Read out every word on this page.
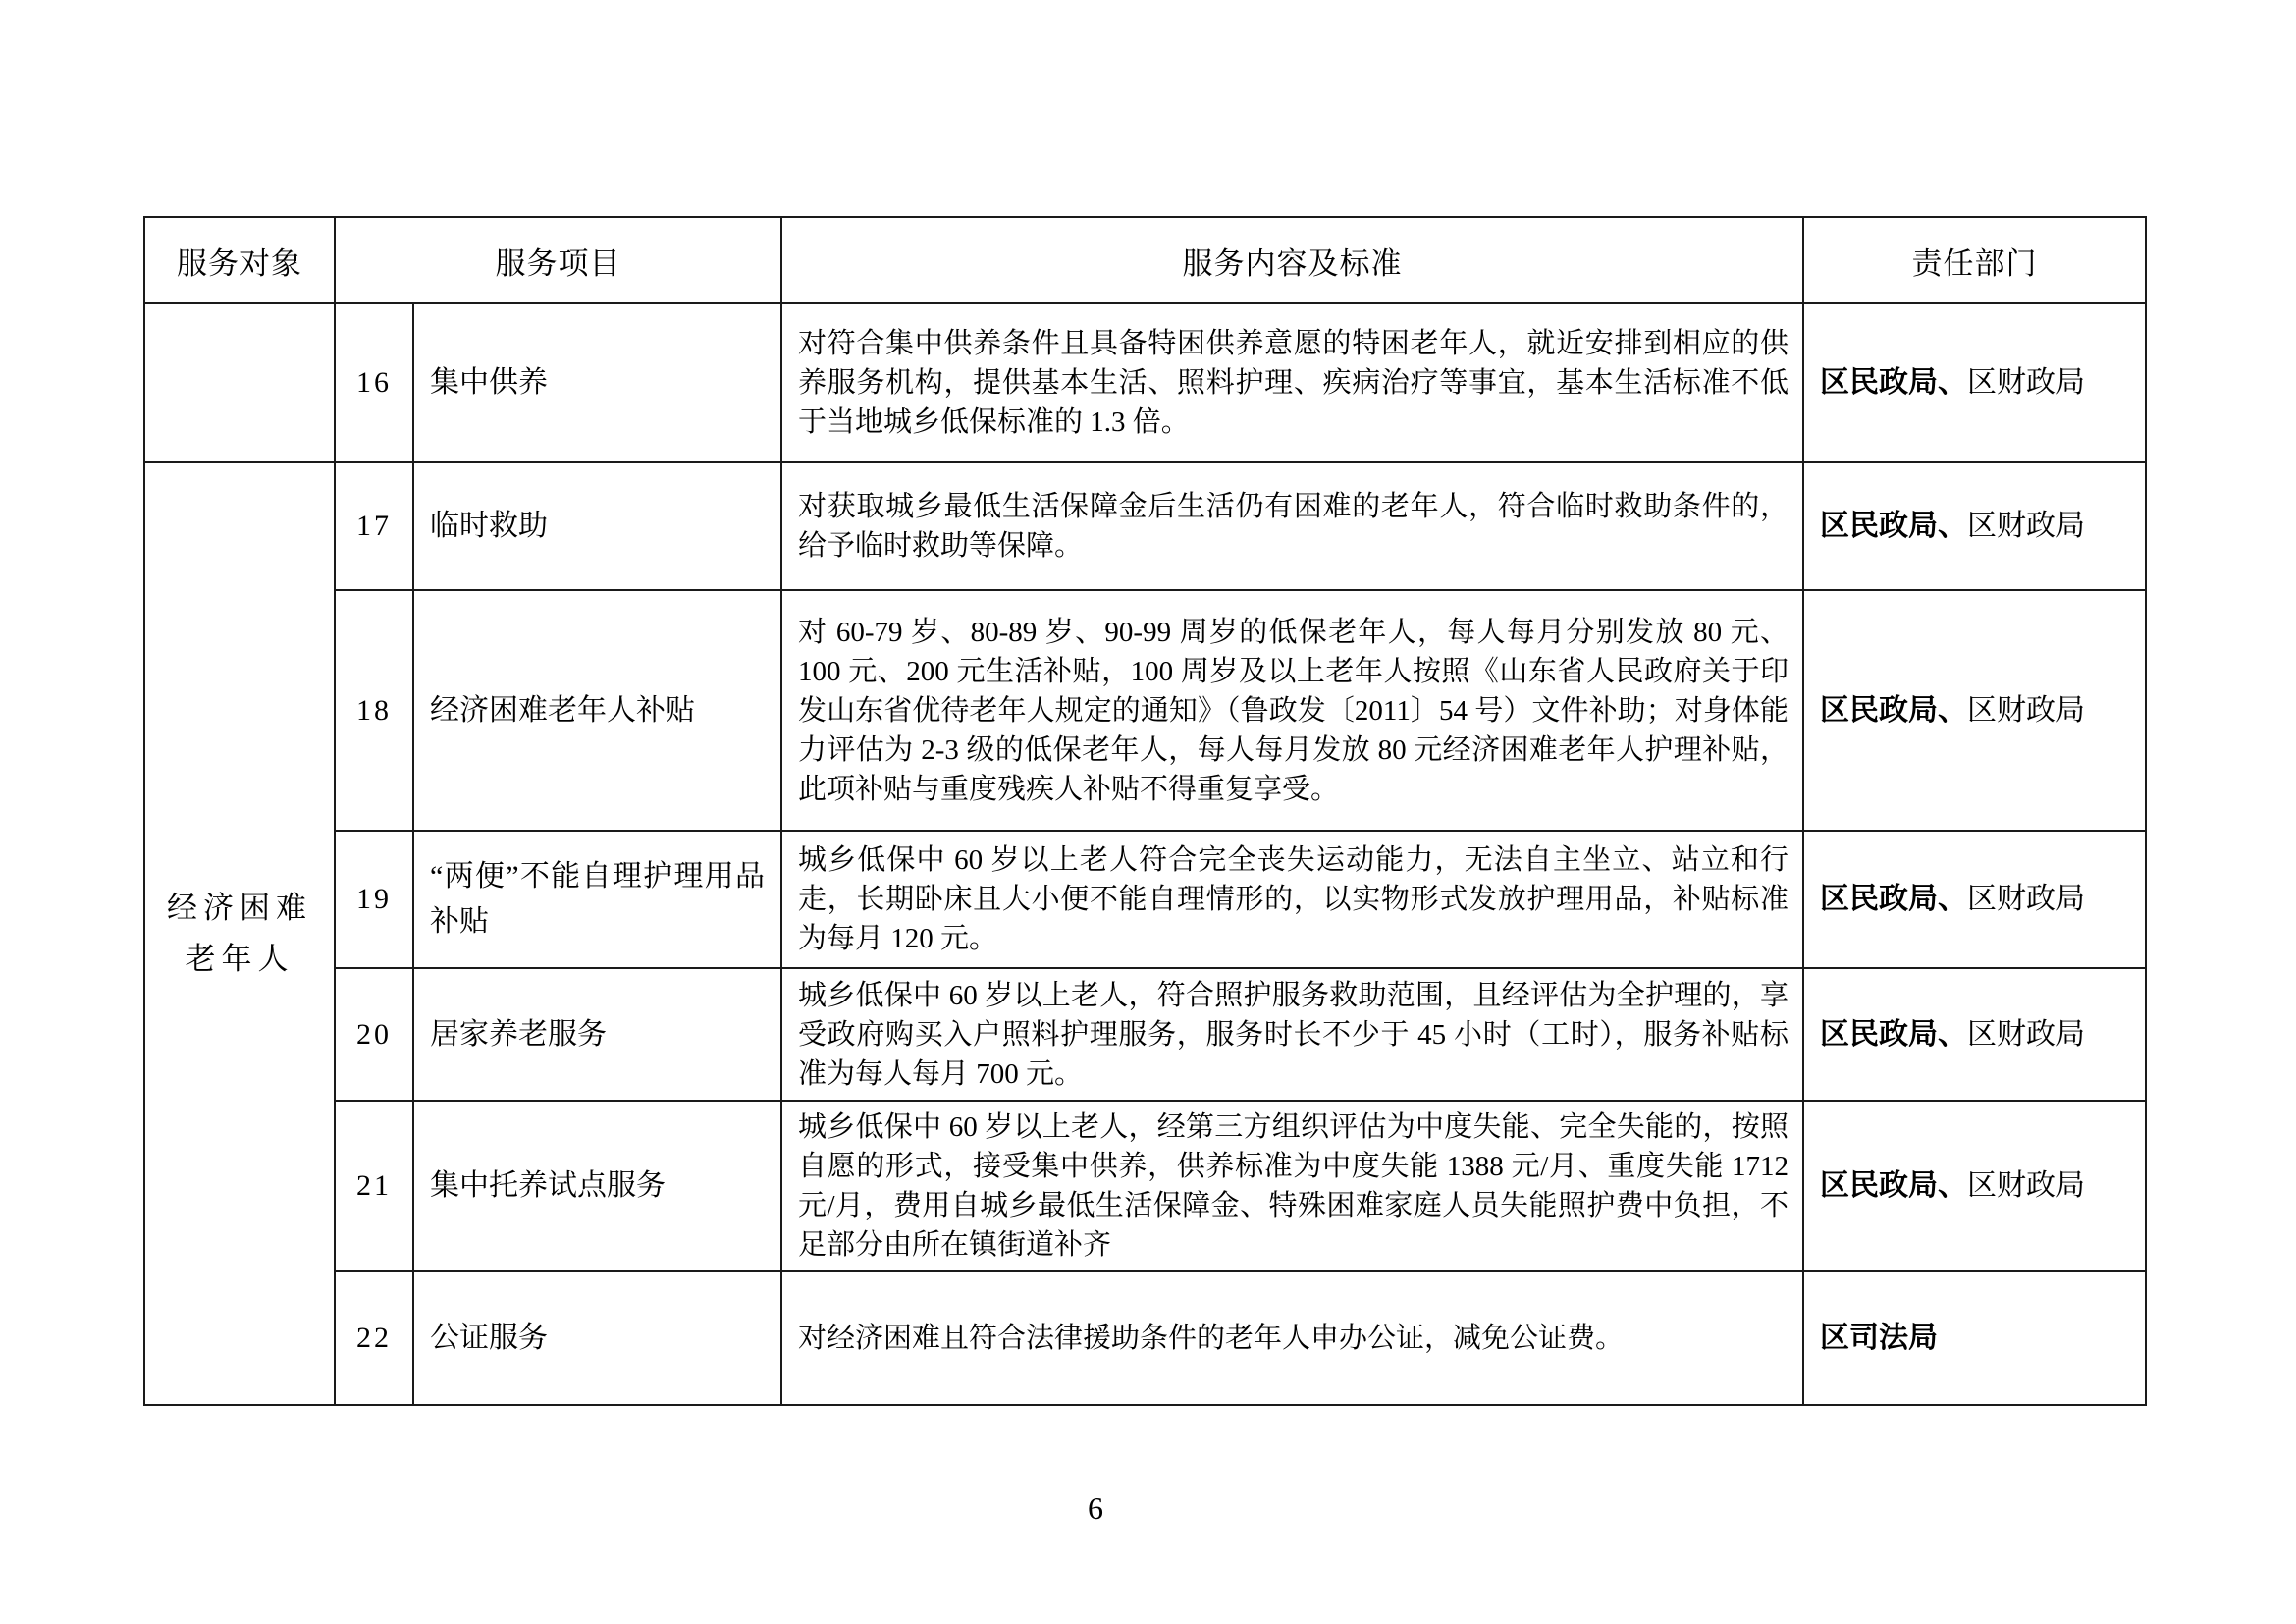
服务对象	服务项目		服务内容及标准	责任部门
	16	集中供养	对符合集中供养条件且具备特困供养意愿的特困老年人，就近安排到相应的供养服务机构，提供基本生活、照料护理、疾病治疗等事宜，基本生活标准不低于当地城乡低保标准的 1.3 倍。	区民政局、区财政局
经济困难老年人	17	临时救助	对获取城乡最低生活保障金后生活仍有困难的老年人，符合临时救助条件的，给予临时救助等保障。	区民政局、区财政局
	18	经济困难老年人补贴	对 60-79 岁、80-89 岁、90-99 周岁的低保老年人，每人每月分别发放 80 元、100 元、200 元生活补贴，100 周岁及以上老年人按照《山东省人民政府关于印发山东省优待老年人规定的通知》（鲁政发〔2011〕54 号）文件补助；对身体能力评估为 2-3 级的低保老年人，每人每月发放 80 元经济困难老年人护理补贴，此项补贴与重度残疾人补贴不得重复享受。	区民政局、区财政局
	19	“两便”不能自理护理用品补贴	城乡低保中 60 岁以上老人符合完全丧失运动能力，无法自主坐立、站立和行走，长期卧床且大小便不能自理情形的，以实物形式发放护理用品，补贴标准为每月 120 元。	区民政局、区财政局
	20	居家养老服务	城乡低保中 60 岁以上老人，符合照护服务救助范围，且经评估为全护理的，享受政府购买入户照料护理服务，服务时长不少于 45 小时（工时），服务补贴标准为每人每月 700 元。	区民政局、区财政局
	21	集中托养试点服务	城乡低保中 60 岁以上老人，经第三方组织评估为中度失能、完全失能的，按照自愿的形式，接受集中供养，供养标准为中度失能 1388 元/月、重度失能 1712 元/月，费用自城乡最低生活保障金、特殊困难家庭人员失能照护费中负担，不足部分由所在镇街道补齐	区民政局、区财政局
	22	公证服务	对经济困难且符合法律援助条件的老年人申办公证，减免公证费。	区司法局
6
